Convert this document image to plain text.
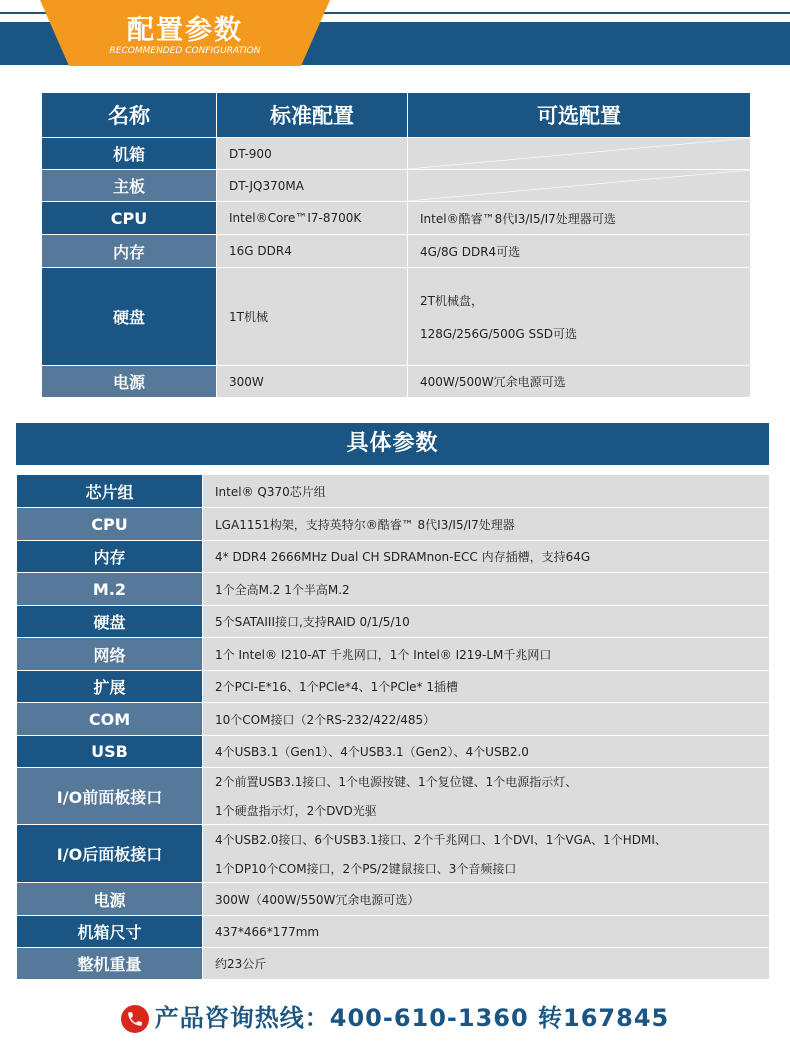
配置参数
RECOMMENDED CONFIGURATION
名称	标准配置	可选配置
机箱	DT-900	
主板	DT-JQ370MA	
CPU	Intel®Core™I7-8700K	Intel®酷睿™8代I3/I5/I7处理器可选
内存	16G DDR4	4G/8G DDR4可选
硬盘	1T机械	2T机械盘，
128G/256G/500G SSD可选

电源	300W	400W/500W冗余电源可选
具体参数
芯片组	Intel® Q370芯片组
CPU	LGA1151构架，支持英特尔®酷睿™ 8代I3/I5/I7处理器
内存	4* DDR4 2666MHz Dual CH SDRAMnon-ECC 内存插槽，支持64G
M.2	1个全高M.2 1个半高M.2
硬盘	5个SATAIII接口,支持RAID 0/1/5/10
网络	1个 Intel® I210-AT 千兆网口，1个 Intel® I219-LM千兆网口
扩展	2个PCI-E*16、1个PCle*4、1个PCle* 1插槽
COM	10个COM接口（2个RS-232/422/485）
USB	4个USB3.1（Gen1）、4个USB3.1（Gen2）、4个USB2.0
I/O前面板接口	2个前置USB3.1接口、1个电源按键、1个复位键、1个电源指示灯、
1个硬盘指示灯，2个DVD光驱

I/O后面板接口	4个USB2.0接口、6个USB3.1接口、2个千兆网口、1个DVI、1个VGA、1个HDMI、
1个DP10个COM接口，2个PS/2键鼠接口、3个音频接口

电源	300W（400W/550W冗余电源可选）
机箱尺寸	437*466*177mm
整机重量	约23公斤
产品咨询热线：400-610-1360 转167845
